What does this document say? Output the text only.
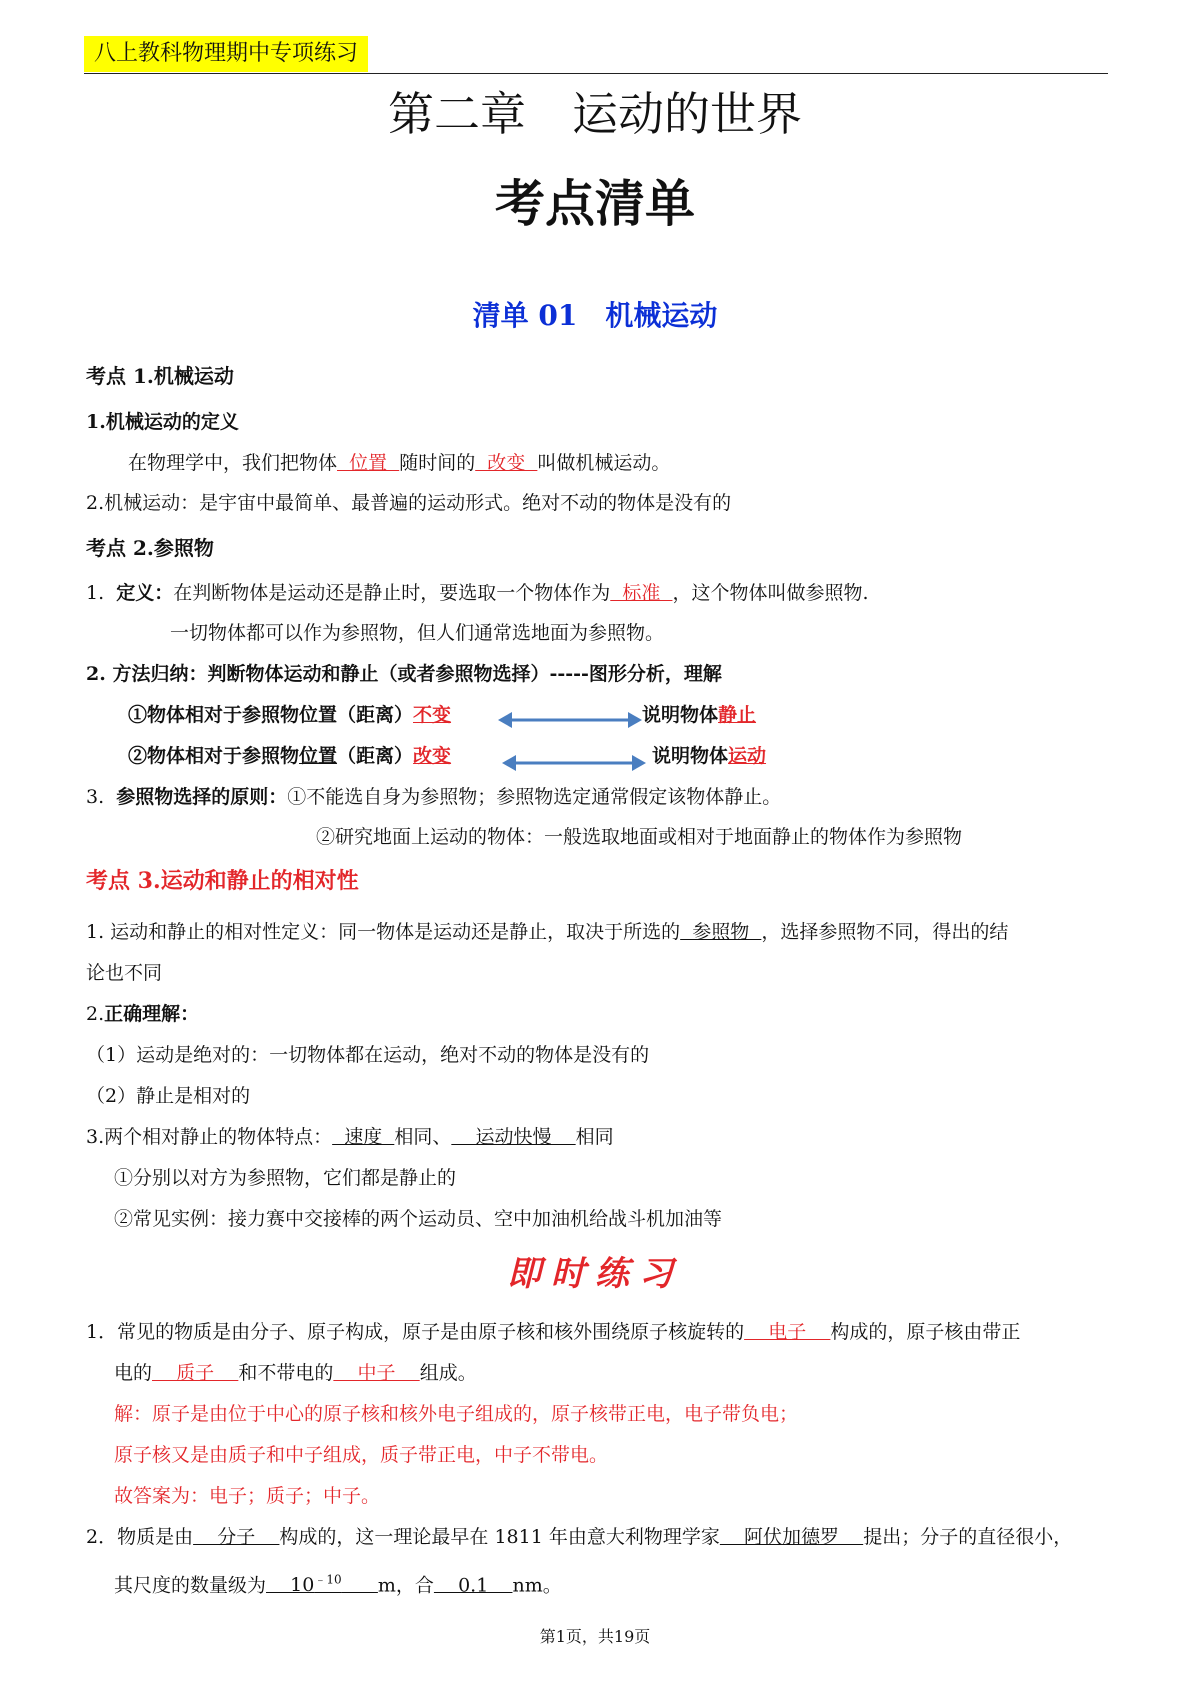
八上教科物理期中专项练习
第二章　运动的世界
考点清单
清单 01　机械运动
考点 1.机械运动
1.机械运动的定义
在物理学中，我们把物体  位置  随时间的  改变  叫做机械运动。
2.机械运动：是宇宙中最简单、最普遍的运动形式。绝对不动的物体是没有的
考点 2.参照物
1. 定义：在判断物体是运动还是静止时，要选取一个物体作为  标准  ，这个物体叫做参照物.
一切物体都可以作为参照物，但人们通常选地面为参照物。
2. 方法归纳：判断物体运动和静止（或者参照物选择）-----图形分析，理解
①物体相对于参照物位置（距离）不变	说明物体静止
②物体相对于参照物位置（距离）改变	说明物体运动
3. 参照物选择的原则：①不能选自身为参照物；参照物选定通常假定该物体静止。
②研究地面上运动的物体：一般选取地面或相对于地面静止的物体作为参照物
考点 3.运动和静止的相对性
1. 运动和静止的相对性定义：同一物体是运动还是静止，取决于所选的  参照物  ，选择参照物不同，得出的结
论也不同
2.正确理解：
（1）运动是绝对的：一切物体都在运动，绝对不动的物体是没有的
（2）静止是相对的
3.两个相对静止的物体特点：  速度  相同、    运动快慢    相同
①分别以对方为参照物，它们都是静止的
②常见实例：接力赛中交接棒的两个运动员、空中加油机给战斗机加油等
即时练习
1．常见的物质是由分子、原子构成，原子是由原子核和核外围绕原子核旋转的    电子    构成的，原子核由带正
电的    质子    和不带电的    中子    组成。
解：原子是由位于中心的原子核和核外电子组成的，原子核带正电，电子带负电；
原子核又是由质子和中子组成，质子带正电，中子不带电。
故答案为：电子；质子；中子。
2．物质是由    分子    构成的，这一理论最早在 1811 年由意大利物理学家    阿伏加德罗    提出；分子的直径很小，
其尺度的数量级为    $10^{﹣10}$ m，合    0.1    nm。
第1页，共19页
